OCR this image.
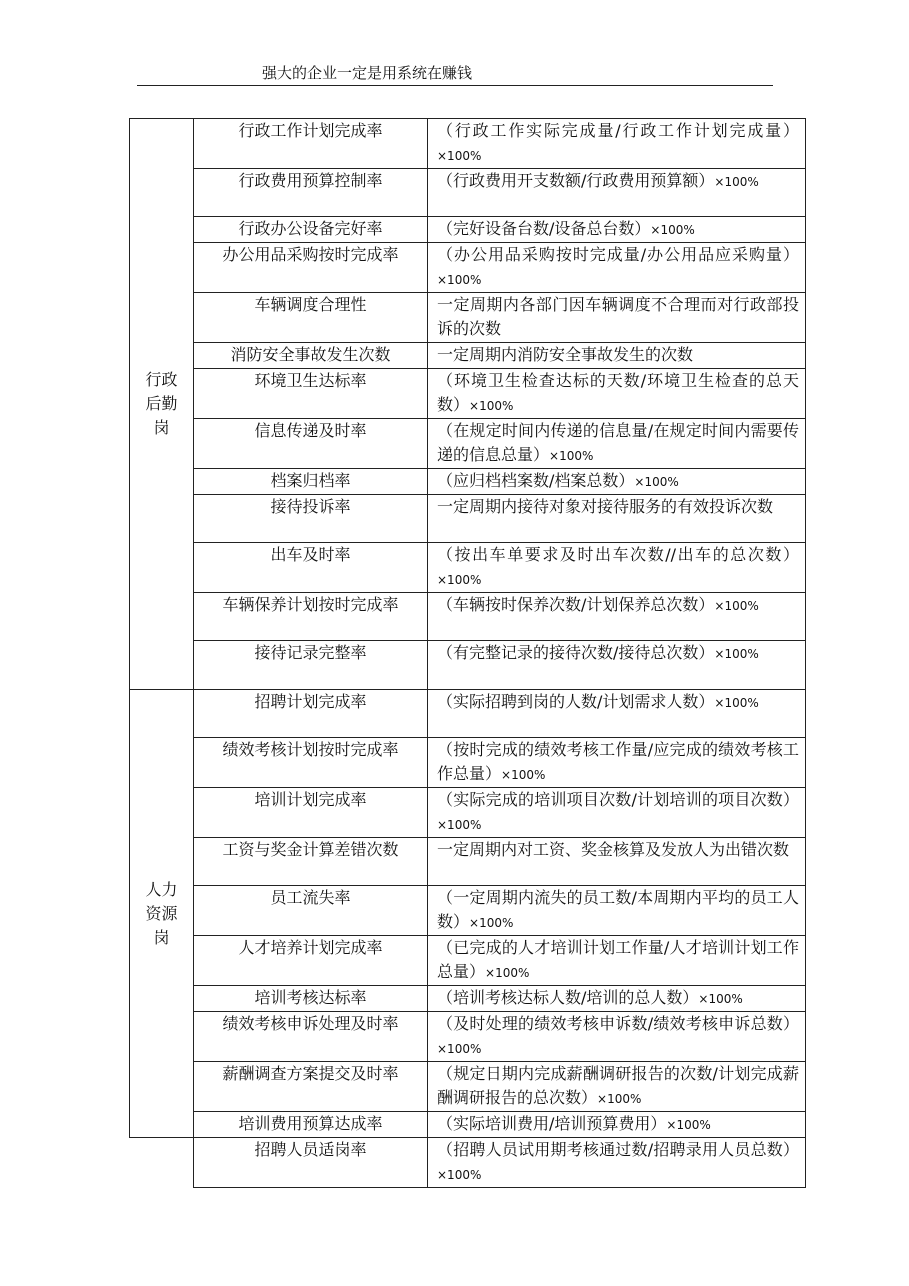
强大的企业一定是用系统在赚钱
行政后勤岗	行政工作计划完成率	（行政工作实际完成量/行政工作计划完成量）×100%
	行政费用预算控制率	（行政费用开支数额/行政费用预算额）×100%
	行政办公设备完好率	（完好设备台数/设备总台数）×100%
	办公用品采购按时完成率	（办公用品采购按时完成量/办公用品应采购量）×100%
	车辆调度合理性	一定周期内各部门因车辆调度不合理而对行政部投诉的次数
	消防安全事故发生次数	一定周期内消防安全事故发生的次数
	环境卫生达标率	（环境卫生检查达标的天数/环境卫生检查的总天数）×100%
	信息传递及时率	（在规定时间内传递的信息量/在规定时间内需要传递的信息总量）×100%
	档案归档率	（应归档档案数/档案总数）×100%
	接待投诉率	一定周期内接待对象对接待服务的有效投诉次数
	出车及时率	（按出车单要求及时出车次数//出车的总次数）×100%
	车辆保养计划按时完成率	（车辆按时保养次数/计划保养总次数）×100%
	接待记录完整率	（有完整记录的接待次数/接待总次数）×100%
人力资源岗	招聘计划完成率	（实际招聘到岗的人数/计划需求人数）×100%
	绩效考核计划按时完成率	（按时完成的绩效考核工作量/应完成的绩效考核工作总量）×100%
	培训计划完成率	（实际完成的培训项目次数/计划培训的项目次数）×100%
	工资与奖金计算差错次数	一定周期内对工资、奖金核算及发放人为出错次数
	员工流失率	（一定周期内流失的员工数/本周期内平均的员工人数）×100%
	人才培养计划完成率	（已完成的人才培训计划工作量/人才培训计划工作总量）×100%
	培训考核达标率	（培训考核达标人数/培训的总人数）×100%
	绩效考核申诉处理及时率	（及时处理的绩效考核申诉数/绩效考核申诉总数）×100%
	薪酬调查方案提交及时率	（规定日期内完成薪酬调研报告的次数/计划完成薪酬调研报告的总次数）×100%
	培训费用预算达成率	（实际培训费用/培训预算费用）×100%
	招聘人员适岗率	（招聘人员试用期考核通过数/招聘录用人员总数）×100%
